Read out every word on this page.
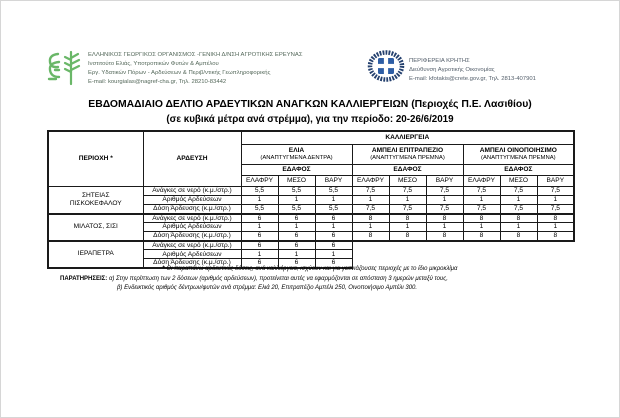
ΕΛΛΗΝΙΚΟΣ ΓΕΩΡΓΙΚΟΣ ΟΡΓΑΝΙΣΜΟΣ -ΓΕΝΙΚΗ Δ/ΝΣΗ ΑΓΡΟΤΙΚΗΣ ΕΡΕΥΝΑΣ
Ινστιτούτο Ελιάς, Υποτροπικών Φυτών & Αμπέλου
Εργ. Υδατικών Πόρων - Αρδεύσεων & Περιβ/ντικής Γεωπληροφορικής
E-mail: kourgialas@nagref-cha.gr, Τηλ. 28210-83442
ΠΕΡΙΦΕΡΕΙΑ ΚΡΗΤΗΣ
Διεύθυνση Αγροτικής Οικονομίας
E-mail: kfotakis@crete.gov.gr, Τηλ. 2813-407901
ΕΒΔΟΜΑΔΙΑΙΟ ΔΕΛΤΙΟ ΑΡΔΕΥΤΙΚΩΝ ΑΝΑΓΚΩΝ ΚΑΛΛΙΕΡΓΕΙΩΝ (Περιοχές Π.Ε. Λασιθίου)
(σε κυβικά μέτρα ανά στρέμμα), για την περίοδο: 20-26/6/2019
ΠΕΡΙΟΧΗ *	ΑΡΔΕΥΣΗ	ΚΑΛΛΙΕΡΓΕΙΑ								

ΕΛΙΑ
(ΑΝΑΠΤΥΓΜΕΝΑ ΔΕΝΤΡΑ)

ΑΜΠΕΛΙ ΕΠΙΤΡΑΠΕΖΙΟ
(ΑΝΑΠΤΥΓΜΕΝΑ ΠΡΕΜΝΑ)

ΑΜΠΕΛΙ ΟΙΝΟΠΟΙΗΣΙΜΟ
(ΑΝΑΠΤΥΓΜΕΝΑ ΠΡΕΜΝΑ)

		ΕΔΑΦΟΣ			ΕΔΑΦΟΣ			ΕΔΑΦΟΣ		
		ΕΛΑΦΡΥ	ΜΕΣΟ	ΒΑΡΥ	ΕΛΑΦΡΥ	ΜΕΣΟ	ΒΑΡΥ	ΕΛΑΦΡΥ	ΜΕΣΟ	ΒΑΡΥ

ΣΗΤΕΙΑΣ ΠΙΣΚΟΚΕΦΑΛΟΥ	Ανάγκες σε νερό (κ.μ./στρ.)	5,5	5,5	5,5	7,5	7,5	7,5	7,5	7,5	7,5
	Αριθμός Αρδεύσεων	1	1	1	1	1	1	1	1	1
	Δόση Άρδευσης (κ.μ./στρ.)	5,5	5,5	5,5	7,5	7,5	7,5	7,5	7,5	7,5

ΜΙΛΑΤΟΣ, ΣΙΣΙ	Ανάγκες σε νερό (κ.μ./στρ.)	6	6	6	8	8	8	8	8	8
	Αριθμός Αρδεύσεων	1	1	1	1	1	1	1	1	1
	Δόση Άρδευσης (κ.μ./στρ.)	6	6	6	8	8	8	8	8	8

ΙΕΡΑΠΕΤΡΑ	Ανάγκες σε νερό (κ.μ./στρ.)	6	6	6						
	Αριθμός Αρδεύσεων	1	1	1						
	Δόση Άρδευσης (κ.μ./στρ.)	6	6	6						
* Οι παραπάνω αρδευτικές δόσεις, ανά καλλιέργεια, ισχύουν και για γειτνιάζουσες περιοχές με το ίδιο μικροκλίμα
ΠΑΡΑΤΗΡΗΣΕΙΣ: α) Στην περίπτωση των 2 δόσεων (αριθμός αρδεύσεων), προτείνεται αυτές να εφαρμόζονται σε απόσταση 3 ημερών μεταξύ τους,
β) Ενδεικτικός αριθμός δέντρων/φυτών ανά στρέμμα: Ελιά 20, Επιτραπέζιο Αμπέλι 250, Οινοποιήσιμο Αμπέλι 300.
